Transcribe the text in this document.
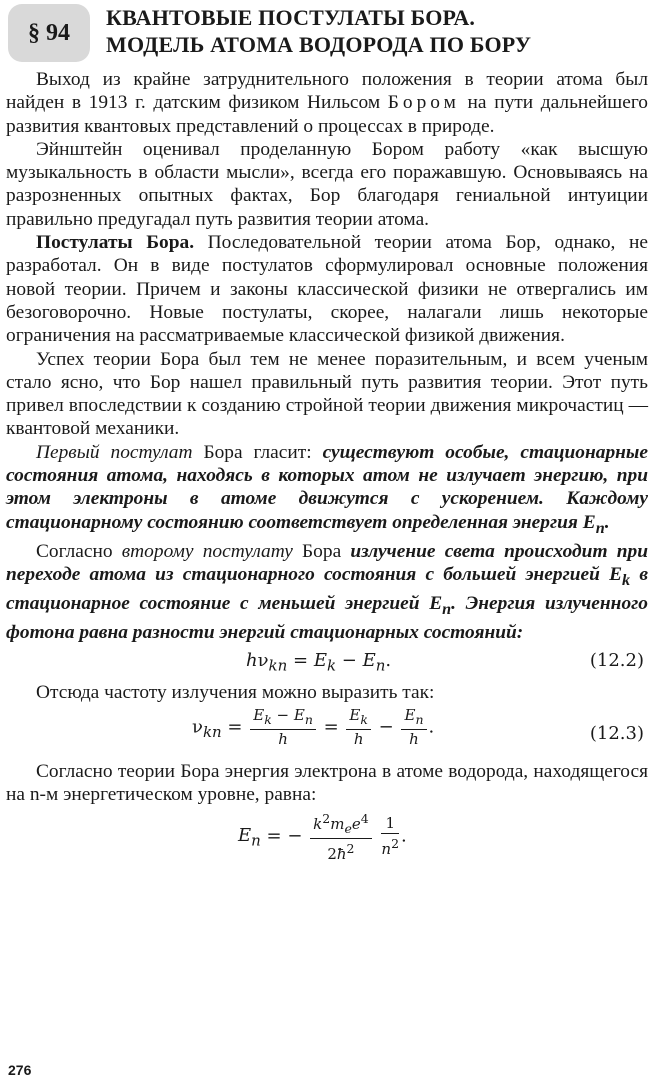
§ 94
КВАНТОВЫЕ ПОСТУЛАТЫ БОРА.
МОДЕЛЬ АТОМА ВОДОРОДА ПО БОРУ

Выход из крайне затруднительного положения в теории атома был найден в 1913 г. датским физиком Нильсом Бором на пути дальнейшего развития квантовых представлений о процессах в природе.

Эйнштейн оценивал проделанную Бором работу «как высшую музыкальность в области мысли», всегда его поражавшую. Основываясь на разрозненных опытных фактах, Бор благодаря гениальной интуиции правильно предугадал путь развития теории атома.

Постулаты Бора. Последовательной теории атома Бор, однако, не разработал. Он в виде постулатов сформулировал основные положения новой теории. Причем и законы классической физики не отвергались им безоговорочно. Новые постулаты, скорее, налагали лишь некоторые ограничения на рассматриваемые классической физикой движения.

Успех теории Бора был тем не менее поразительным, и всем ученым стало ясно, что Бор нашел правильный путь развития теории. Этот путь привел впоследствии к созданию стройной теории движения микрочастиц — квантовой механики.

Первый постулат Бора гласит: существуют особые, стационарные состояния атома, находясь в которых атом не излучает энергию, при этом электроны в атоме движутся с ускорением. Каждому стационарному состоянию соответствует определенная энергия $E_n$.

Согласно второму постулату Бора излучение света происходит при переходе атома из стационарного состояния с большей энергией $E_k$ в стационарное состояние с меньшей энергией $E_n$. Энергия излученного фотона равна разности энергий стационарных состояний:

$h\nu_{kn} = E_k - E_n$.	(12.2)

Отсюда частоту излучения можно выразить так:

$\nu_{kn} = \frac{E_k - E_n}{h} = \frac{E_k}{h} - \frac{E_n}{h}$ .	(12.3)

Согласно теории Бора энергия электрона в атоме водорода, находящегося на n-м энергетическом уровне, равна:

$E_n$ = − $\frac{k^2m_ee^4}{2ħ^2}$
$\frac{1}{n^2}$ .
276
